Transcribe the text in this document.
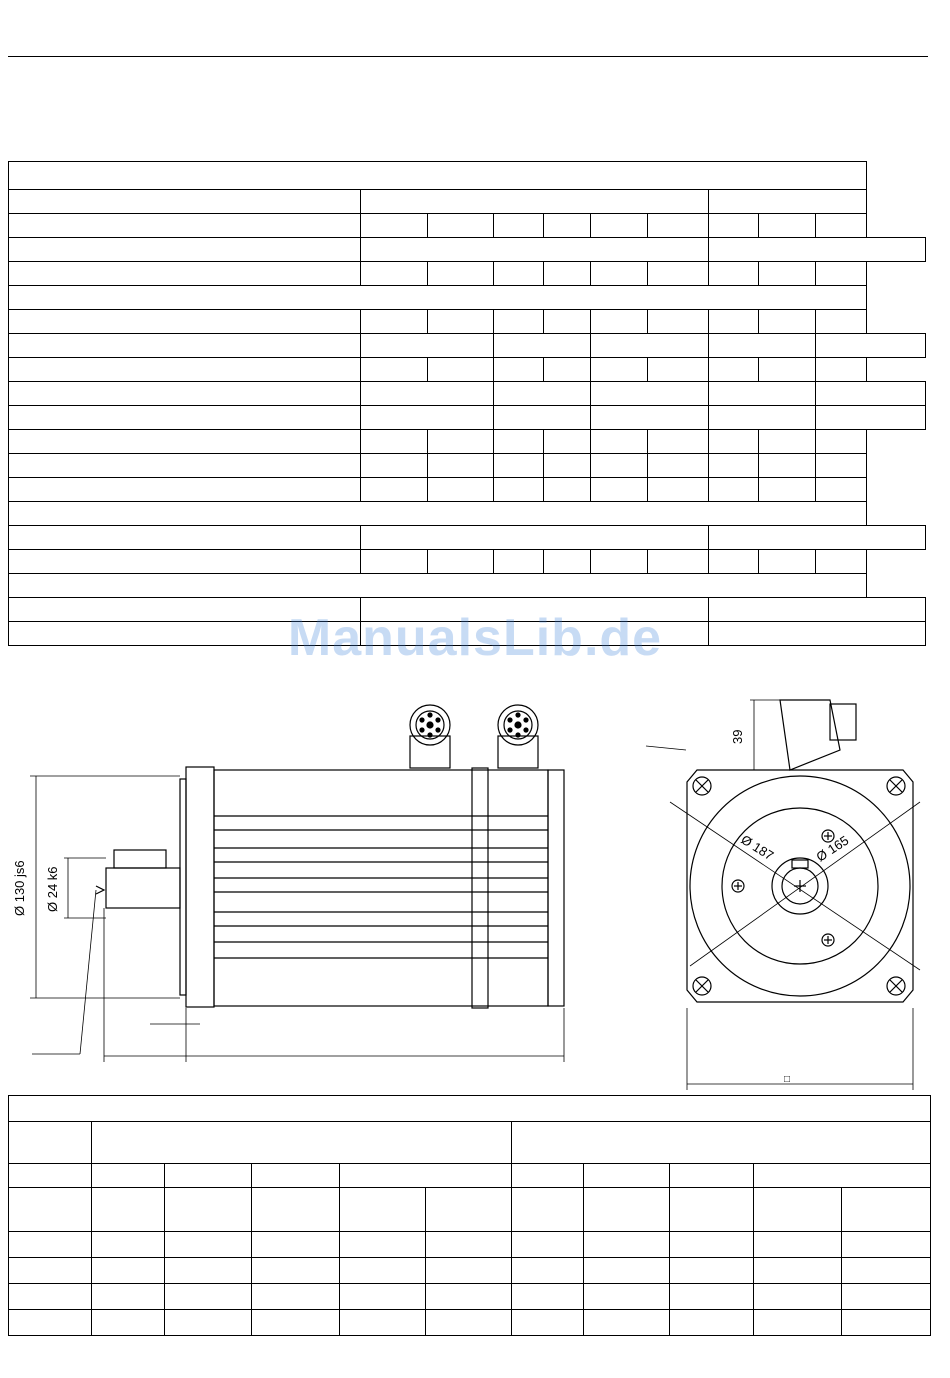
ManualsLib.de
Ø 130 js6 Ø 24 k6
39
Ø 187	Ø 165
□
